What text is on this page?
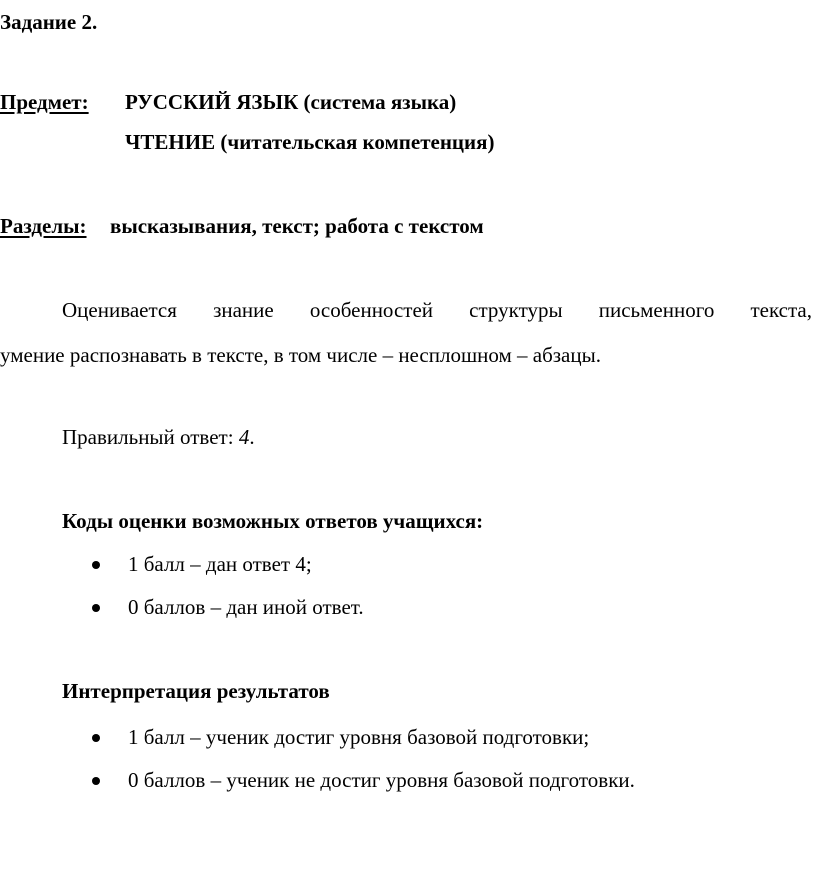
Задание 2.
Предмет: РУССКИЙ ЯЗЫК (система языка)
ЧТЕНИЕ (читательская компетенция)
Разделы: высказывания, текст; работа с текстом
Оценивается знание особенностей структуры письменного текста,
умение распознавать в тексте, в том числе – несплошном – абзацы.
Правильный ответ: 4.
Коды оценки возможных ответов учащихся:
1 балл – дан ответ 4;
0 баллов – дан иной ответ.
Интерпретация результатов
1 балл – ученик достиг уровня базовой подготовки;
0 баллов – ученик не достиг уровня базовой подготовки.
